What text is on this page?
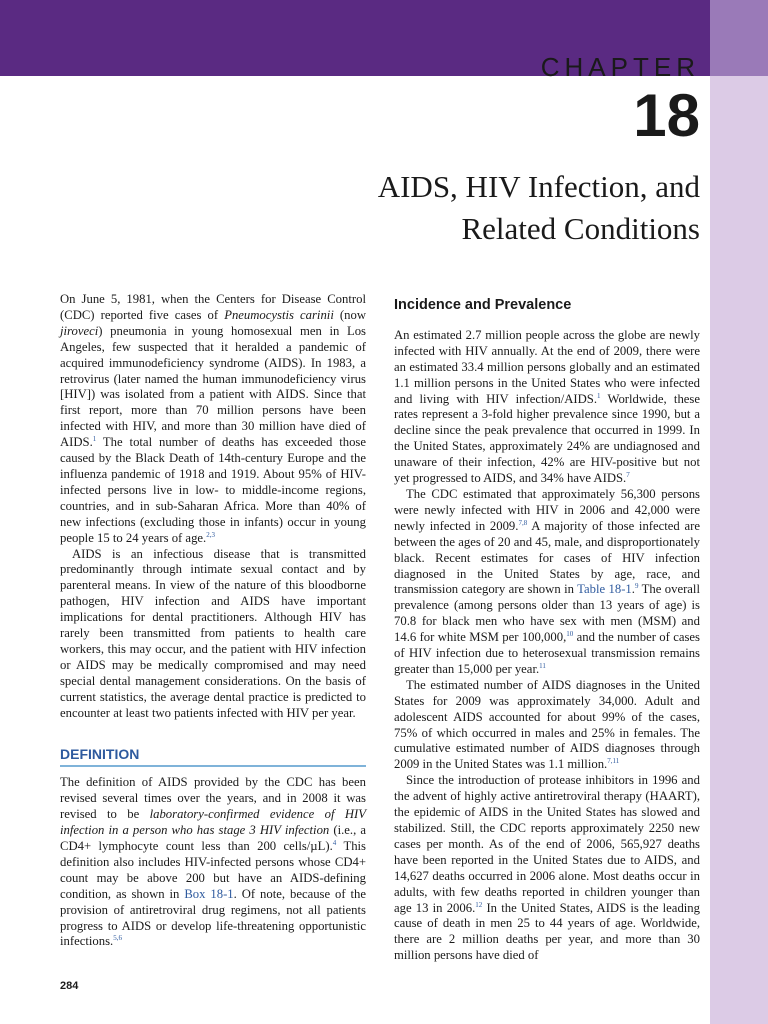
CHAPTER

18

AIDS, HIV Infection, and
Related Conditions

On June 5, 1981, when the Centers for Disease Control (CDC) reported five cases of Pneumocystis carinii (now jiroveci) pneumonia in young homosexual men in Los Angeles, few suspected that it heralded a pandemic of acquired immunodeficiency syndrome (AIDS). In 1983, a retrovirus (later named the human immunodeficiency virus [HIV]) was isolated from a patient with AIDS. Since that first report, more than 70 million persons have been infected with HIV, and more than 30 million have died of AIDS.$^1$ The total number of deaths has exceeded those caused by the Black Death of 14th-century Europe and the influenza pandemic of 1918 and 1919. About 95% of HIV-infected persons live in low- to middle-income regions, countries, and in sub-Saharan Africa. More than 40% of new infections (excluding those in infants) occur in young people 15 to 24 years of age.$^{2,3}$

AIDS is an infectious disease that is transmitted predominantly through intimate sexual contact and by parenteral means. In view of the nature of this bloodborne pathogen, HIV infection and AIDS have important implications for dental practitioners. Although HIV has rarely been transmitted from patients to health care workers, this may occur, and the patient with HIV infection or AIDS may be medically compromised and may need special dental management considerations. On the basis of current statistics, the average dental practice is predicted to encounter at least two patients infected with HIV per year.

DEFINITION

The definition of AIDS provided by the CDC has been revised several times over the years, and in 2008 it was revised to be laboratory-confirmed evidence of HIV infection in a person who has stage 3 HIV infection (i.e., a CD4+ lymphocyte count less than 200 cells/µL).$^4$ This definition also includes HIV-infected persons whose CD4+ count may be above 200 but have an AIDS-defining condition, as shown in Box 18-1. Of note, because of the provision of antiretroviral drug regimens, not all patients progress to AIDS or develop life-threatening opportunistic infections.$^{5,6}$

Incidence and Prevalence

An estimated 2.7 million people across the globe are newly infected with HIV annually. At the end of 2009, there were an estimated 33.4 million persons globally and an estimated 1.1 million persons in the United States who were infected and living with HIV infection/AIDS.$^1$ Worldwide, these rates represent a 3-fold higher prevalence since 1990, but a decline since the peak prevalence that occurred in 1999. In the United States, approximately 24% are undiagnosed and unaware of their infection, 42% are HIV-positive but not yet progressed to AIDS, and 34% have AIDS.$^7$

The CDC estimated that approximately 56,300 persons were newly infected with HIV in 2006 and 42,000 were newly infected in 2009.$^{7,8}$ A majority of those infected are between the ages of 20 and 45, male, and disproportionately black. Recent estimates for cases of HIV infection diagnosed in the United States by age, race, and transmission category are shown in Table 18-1.$^9$ The overall prevalence (among persons older than 13 years of age) is 70.8 for black men who have sex with men (MSM) and 14.6 for white MSM per 100,000,10 and the number of cases of HIV infection due to heterosexual transmission remains greater than 15,000 per year.$^{11}$

The estimated number of AIDS diagnoses in the United States for 2009 was approximately 34,000. Adult and adolescent AIDS accounted for about 99% of the cases, 75% of which occurred in males and 25% in females. The cumulative estimated number of AIDS diagnoses through 2009 in the United States was 1.1 million.$^{7,11}$

Since the introduction of protease inhibitors in 1996 and the advent of highly active antiretroviral therapy (HAART), the epidemic of AIDS in the United States has slowed and stabilized. Still, the CDC reports approximately 2250 new cases per month. As of the end of 2006, 565,927 deaths have been reported in the United States due to AIDS, and 14,627 deaths occurred in 2006 alone. Most deaths occur in adults, with few deaths reported in children younger than age 13 in 2006.12 In the United States, AIDS is the leading cause of death in men 25 to 44 years of age. Worldwide, there are 2 million deaths per year, and more than 30 million persons have died of

284
